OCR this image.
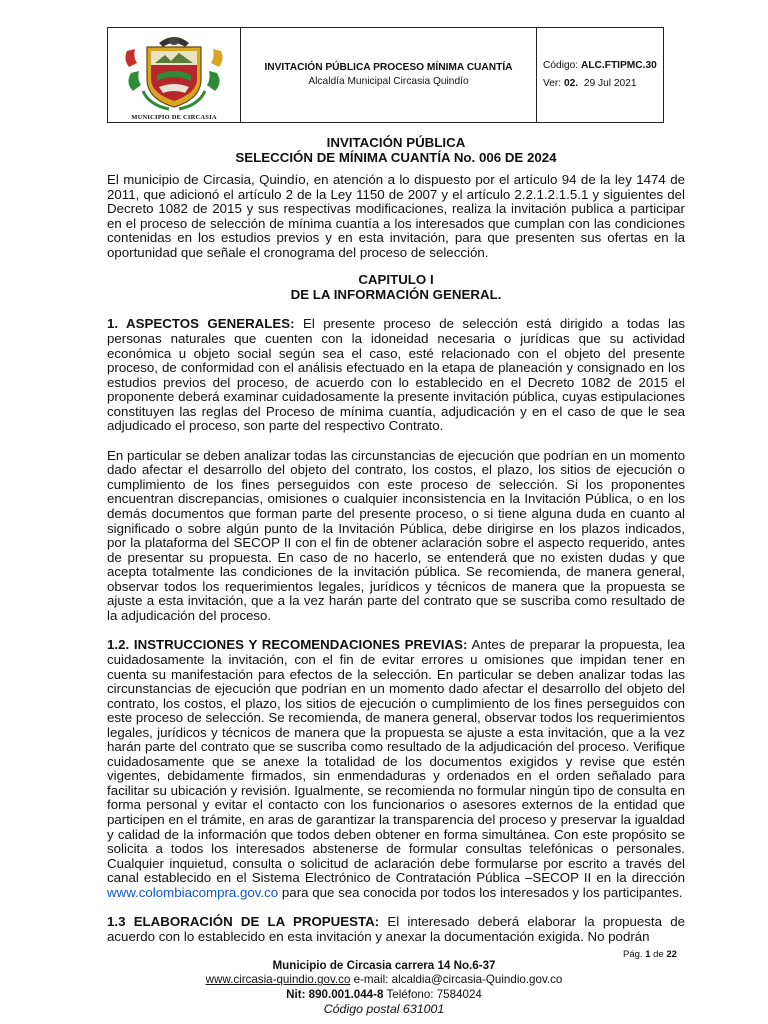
MUNICIPIO DE CIRCASIA

INVITACIÓN PÚBLICA PROCESO MÍNIMA CUANTÍA
Alcaldía Municipal Circasia Quindío

Código: ALC.FTIPMC.30
Ver: 02. 29 Jul 2021
INVITACIÓN PÚBLICA
SELECCIÓN DE MÍNIMA CUANTÍA No. 006 DE 2024

El municipio de Circasia, Quindío, en atención a lo dispuesto por el artículo 94 de la ley 1474 de 2011, que adicionó el artículo 2 de la Ley 1150 de 2007 y el artículo 2.2.1.2.1.5.1 y siguientes del Decreto 1082 de 2015 y sus respectivas modificaciones, realiza la invitación publica a participar en el proceso de selección de mínima cuantía a los interesados que cumplan con las condiciones contenidas en los estudios previos y en esta invitación, para que presenten sus ofertas en la oportunidad que señale el cronograma del proceso de selección.

CAPITULO I
DE LA INFORMACIÓN GENERAL.

1. ASPECTOS GENERALES: El presente proceso de selección está dirigido a todas las personas naturales que cuenten con la idoneidad necesaria o jurídicas que su actividad económica u objeto social según sea el caso, esté relacionado con el objeto del presente proceso, de conformidad con el análisis efectuado en la etapa de planeación y consignado en los estudios previos del proceso, de acuerdo con lo establecido en el Decreto 1082 de 2015 el proponente deberá examinar cuidadosamente la presente invitación pública, cuyas estipulaciones constituyen las reglas del Proceso de mínima cuantía, adjudicación y en el caso de que le sea adjudicado el proceso, son parte del respectivo Contrato.

En particular se deben analizar todas las circunstancias de ejecución que podrían en un momento dado afectar el desarrollo del objeto del contrato, los costos, el plazo, los sitios de ejecución o cumplimiento de los fines perseguidos con este proceso de selección. Si los proponentes encuentran discrepancias, omisiones o cualquier inconsistencia en la Invitación Pública, o en los demás documentos que forman parte del presente proceso, o si tiene alguna duda en cuanto al significado o sobre algún punto de la Invitación Pública, debe dirigirse en los plazos indicados, por la plataforma del SECOP II con el fin de obtener aclaración sobre el aspecto requerido, antes de presentar su propuesta. En caso de no hacerlo, se entenderá que no existen dudas y que acepta totalmente las condiciones de la invitación pública. Se recomienda, de manera general, observar todos los requerimientos legales, jurídicos y técnicos de manera que la propuesta se ajuste a esta invitación, que a la vez harán parte del contrato que se suscriba como resultado de la adjudicación del proceso.

1.2. INSTRUCCIONES Y RECOMENDACIONES PREVIAS: Antes de preparar la propuesta, lea cuidadosamente la invitación, con el fin de evitar errores u omisiones que impidan tener en cuenta su manifestación para efectos de la selección. En particular se deben analizar todas las circunstancias de ejecución que podrían en un momento dado afectar el desarrollo del objeto del contrato, los costos, el plazo, los sitios de ejecución o cumplimiento de los fines perseguidos con este proceso de selección. Se recomienda, de manera general, observar todos los requerimientos legales, jurídicos y técnicos de manera que la propuesta se ajuste a esta invitación, que a la vez harán parte del contrato que se suscriba como resultado de la adjudicación del proceso. Verifique cuidadosamente que se anexe la totalidad de los documentos exigidos y revise que estén vigentes, debidamente firmados, sin enmendaduras y ordenados en el orden señalado para facilitar su ubicación y revisión. Igualmente, se recomienda no formular ningún tipo de consulta en forma personal y evitar el contacto con los funcionarios o asesores externos de la entidad que participen en el trámite, en aras de garantizar la transparencia del proceso y preservar la igualdad y calidad de la información que todos deben obtener en forma simultánea. Con este propósito se solicita a todos los interesados abstenerse de formular consultas telefónicas o personales. Cualquier inquietud, consulta o solicitud de aclaración debe formularse por escrito a través del canal establecido en el Sistema Electrónico de Contratación Pública –SECOP II en la dirección www.colombiacompra.gov.co para que sea conocida por todos los interesados y los participantes.

1.3 ELABORACIÓN DE LA PROPUESTA: El interesado deberá elaborar la propuesta de acuerdo con lo establecido en esta invitación y anexar la documentación exigida. No podrán

Pág. 1 de 22
Municipio de Circasia carrera 14 No.6-37
www.circasia-quindio.gov.co e-mail: alcaldia@circasia-Quindio.gov.co
Nit: 890.001.044-8 Teléfono: 7584024
Código postal 631001
